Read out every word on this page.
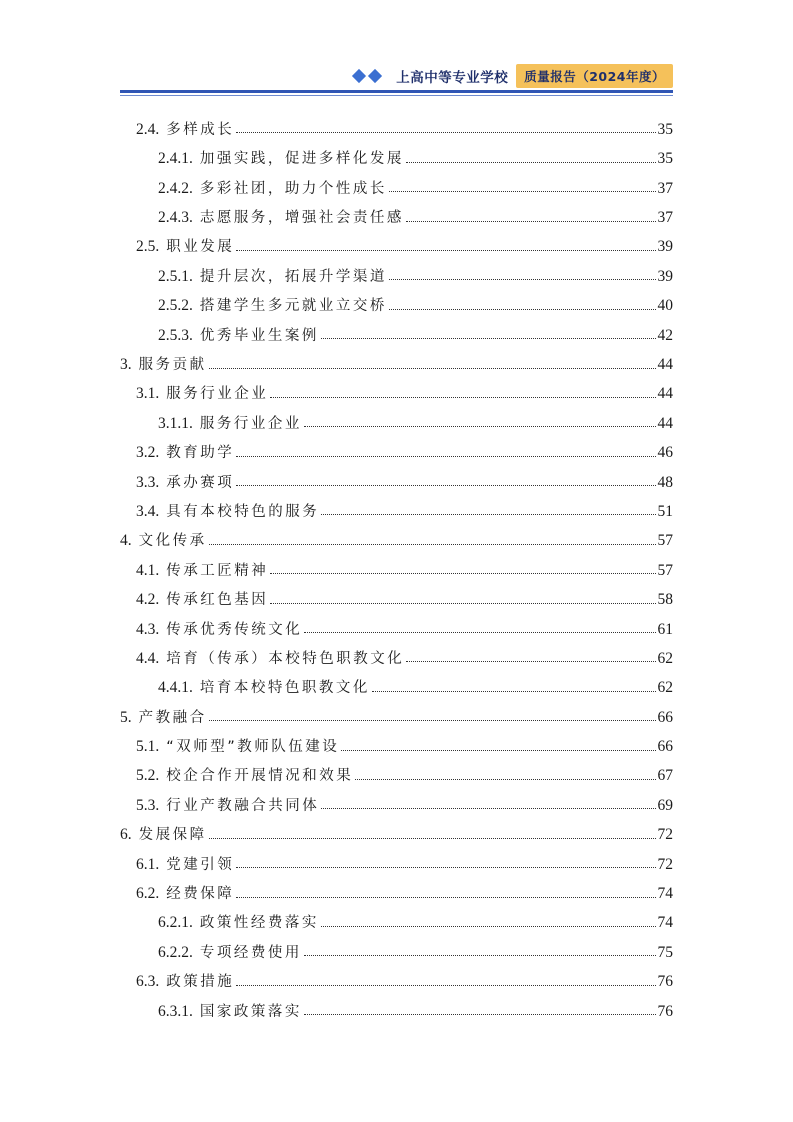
上高中等专业学校	质量报告（2024年度）
2.4. 多样成长	35
2.4.1. 加强实践，促进多样化发展	35
2.4.2. 多彩社团，助力个性成长	37
2.4.3. 志愿服务，增强社会责任感	37
2.5. 职业发展	39
2.5.1. 提升层次，拓展升学渠道	39
2.5.2. 搭建学生多元就业立交桥	40
2.5.3. 优秀毕业生案例	42
3. 服务贡献	44
3.1. 服务行业企业	44
3.1.1. 服务行业企业	44
3.2. 教育助学	46
3.3. 承办赛项	48
3.4. 具有本校特色的服务	51
4. 文化传承	57
4.1. 传承工匠精神	57
4.2. 传承红色基因	58
4.3. 传承优秀传统文化	61
4.4. 培育（传承）本校特色职教文化	62
4.4.1. 培育本校特色职教文化	62
5. 产教融合	66
5.1. “双师型”教师队伍建设	66
5.2. 校企合作开展情况和效果	67
5.3. 行业产教融合共同体	69
6. 发展保障	72
6.1. 党建引领	72
6.2. 经费保障	74
6.2.1. 政策性经费落实	74
6.2.2. 专项经费使用	75
6.3. 政策措施	76
6.3.1. 国家政策落实	76
